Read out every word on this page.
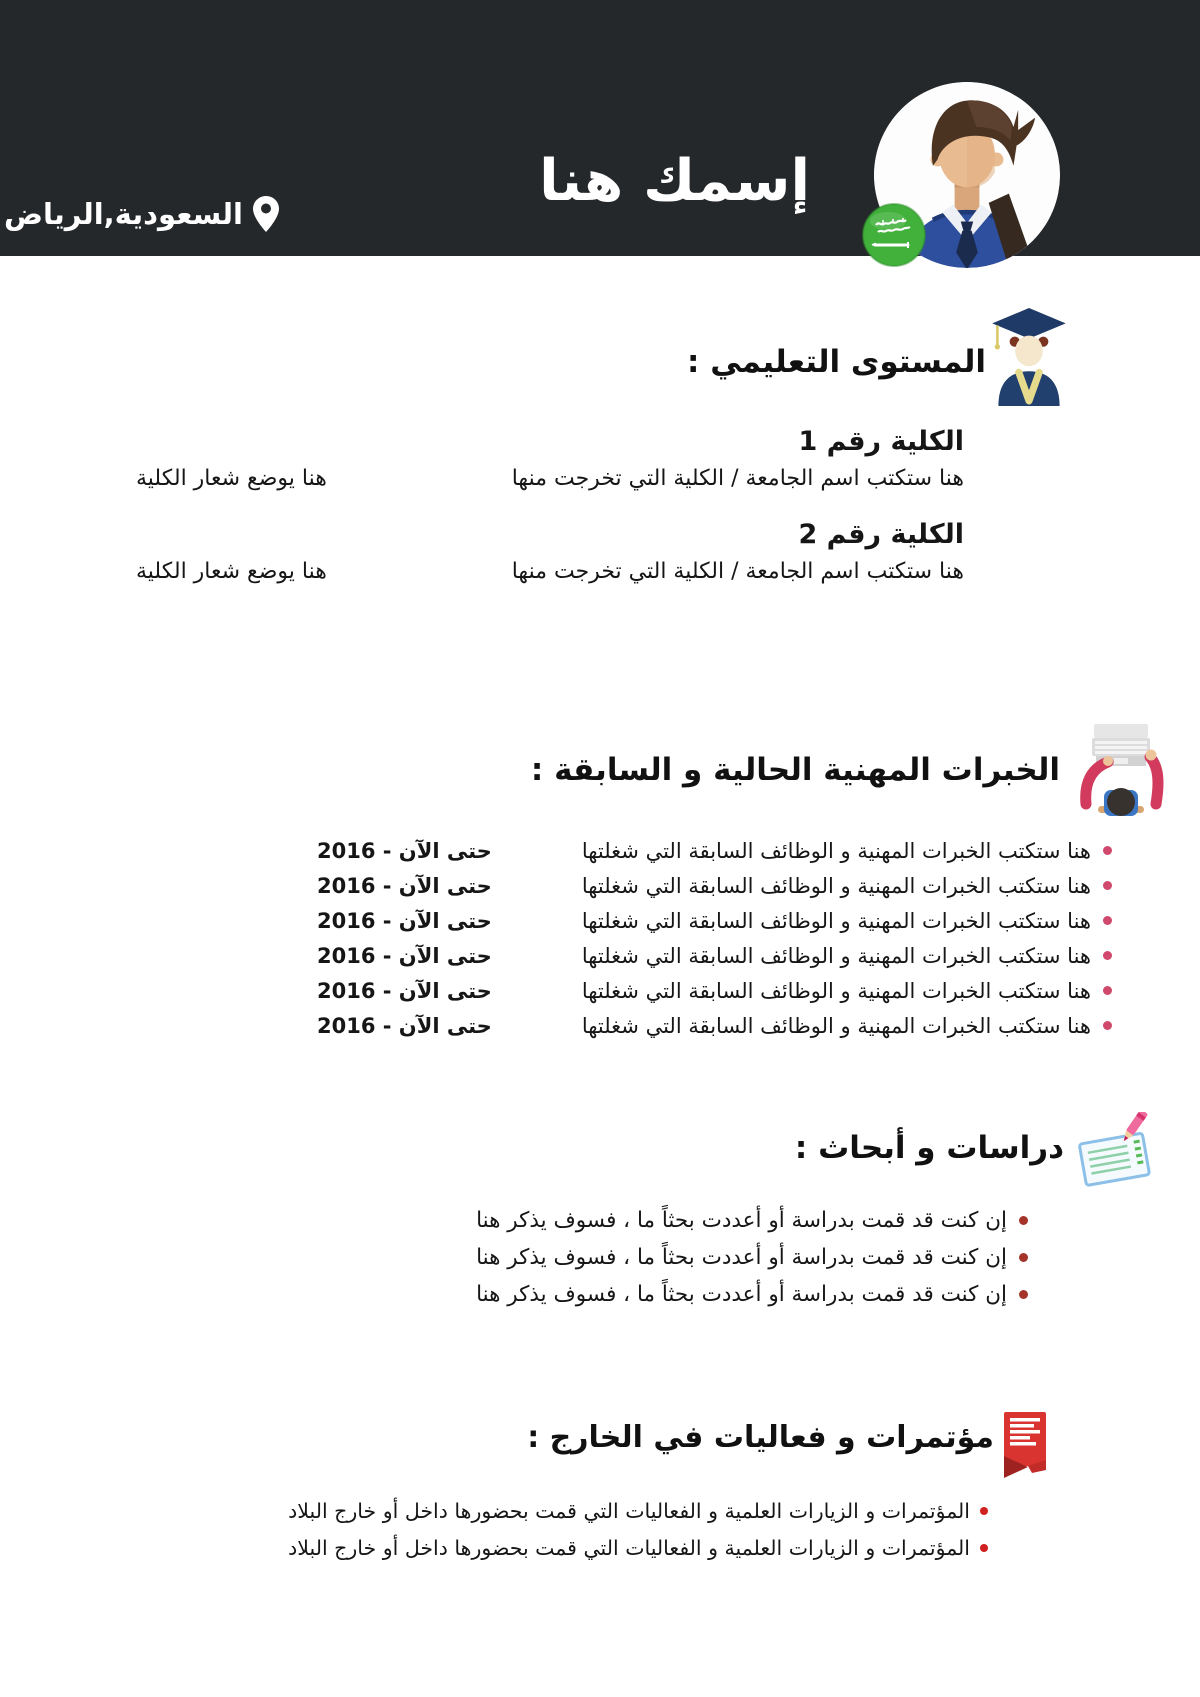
إسمك هنا
السعودية,الرياض
المستوى التعليمي :
الكلية رقم 1
هنا ستكتب اسم الجامعة / الكلية التي تخرجت منها
هنا يوضع شعار الكلية
الكلية رقم 2
هنا ستكتب اسم الجامعة / الكلية التي تخرجت منها
هنا يوضع شعار الكلية
الخبرات المهنية الحالية و السابقة :
هنا ستكتب الخبرات المهنية و الوظائف السابقة التي شغلتها
2016 - حتى الآن
هنا ستكتب الخبرات المهنية و الوظائف السابقة التي شغلتها
2016 - حتى الآن
هنا ستكتب الخبرات المهنية و الوظائف السابقة التي شغلتها
2016 - حتى الآن
هنا ستكتب الخبرات المهنية و الوظائف السابقة التي شغلتها
2016 - حتى الآن
هنا ستكتب الخبرات المهنية و الوظائف السابقة التي شغلتها
2016 - حتى الآن
هنا ستكتب الخبرات المهنية و الوظائف السابقة التي شغلتها
2016 - حتى الآن
دراسات و أبحاث :
إن كنت قد قمت بدراسة أو أعددت بحثاً ما ، فسوف يذكر هنا
إن كنت قد قمت بدراسة أو أعددت بحثاً ما ، فسوف يذكر هنا
إن كنت قد قمت بدراسة أو أعددت بحثاً ما ، فسوف يذكر هنا
مؤتمرات و فعاليات في الخارج :
المؤتمرات و الزيارات العلمية و الفعاليات التي قمت بحضورها داخل أو خارج البلاد
المؤتمرات و الزيارات العلمية و الفعاليات التي قمت بحضورها داخل أو خارج البلاد
